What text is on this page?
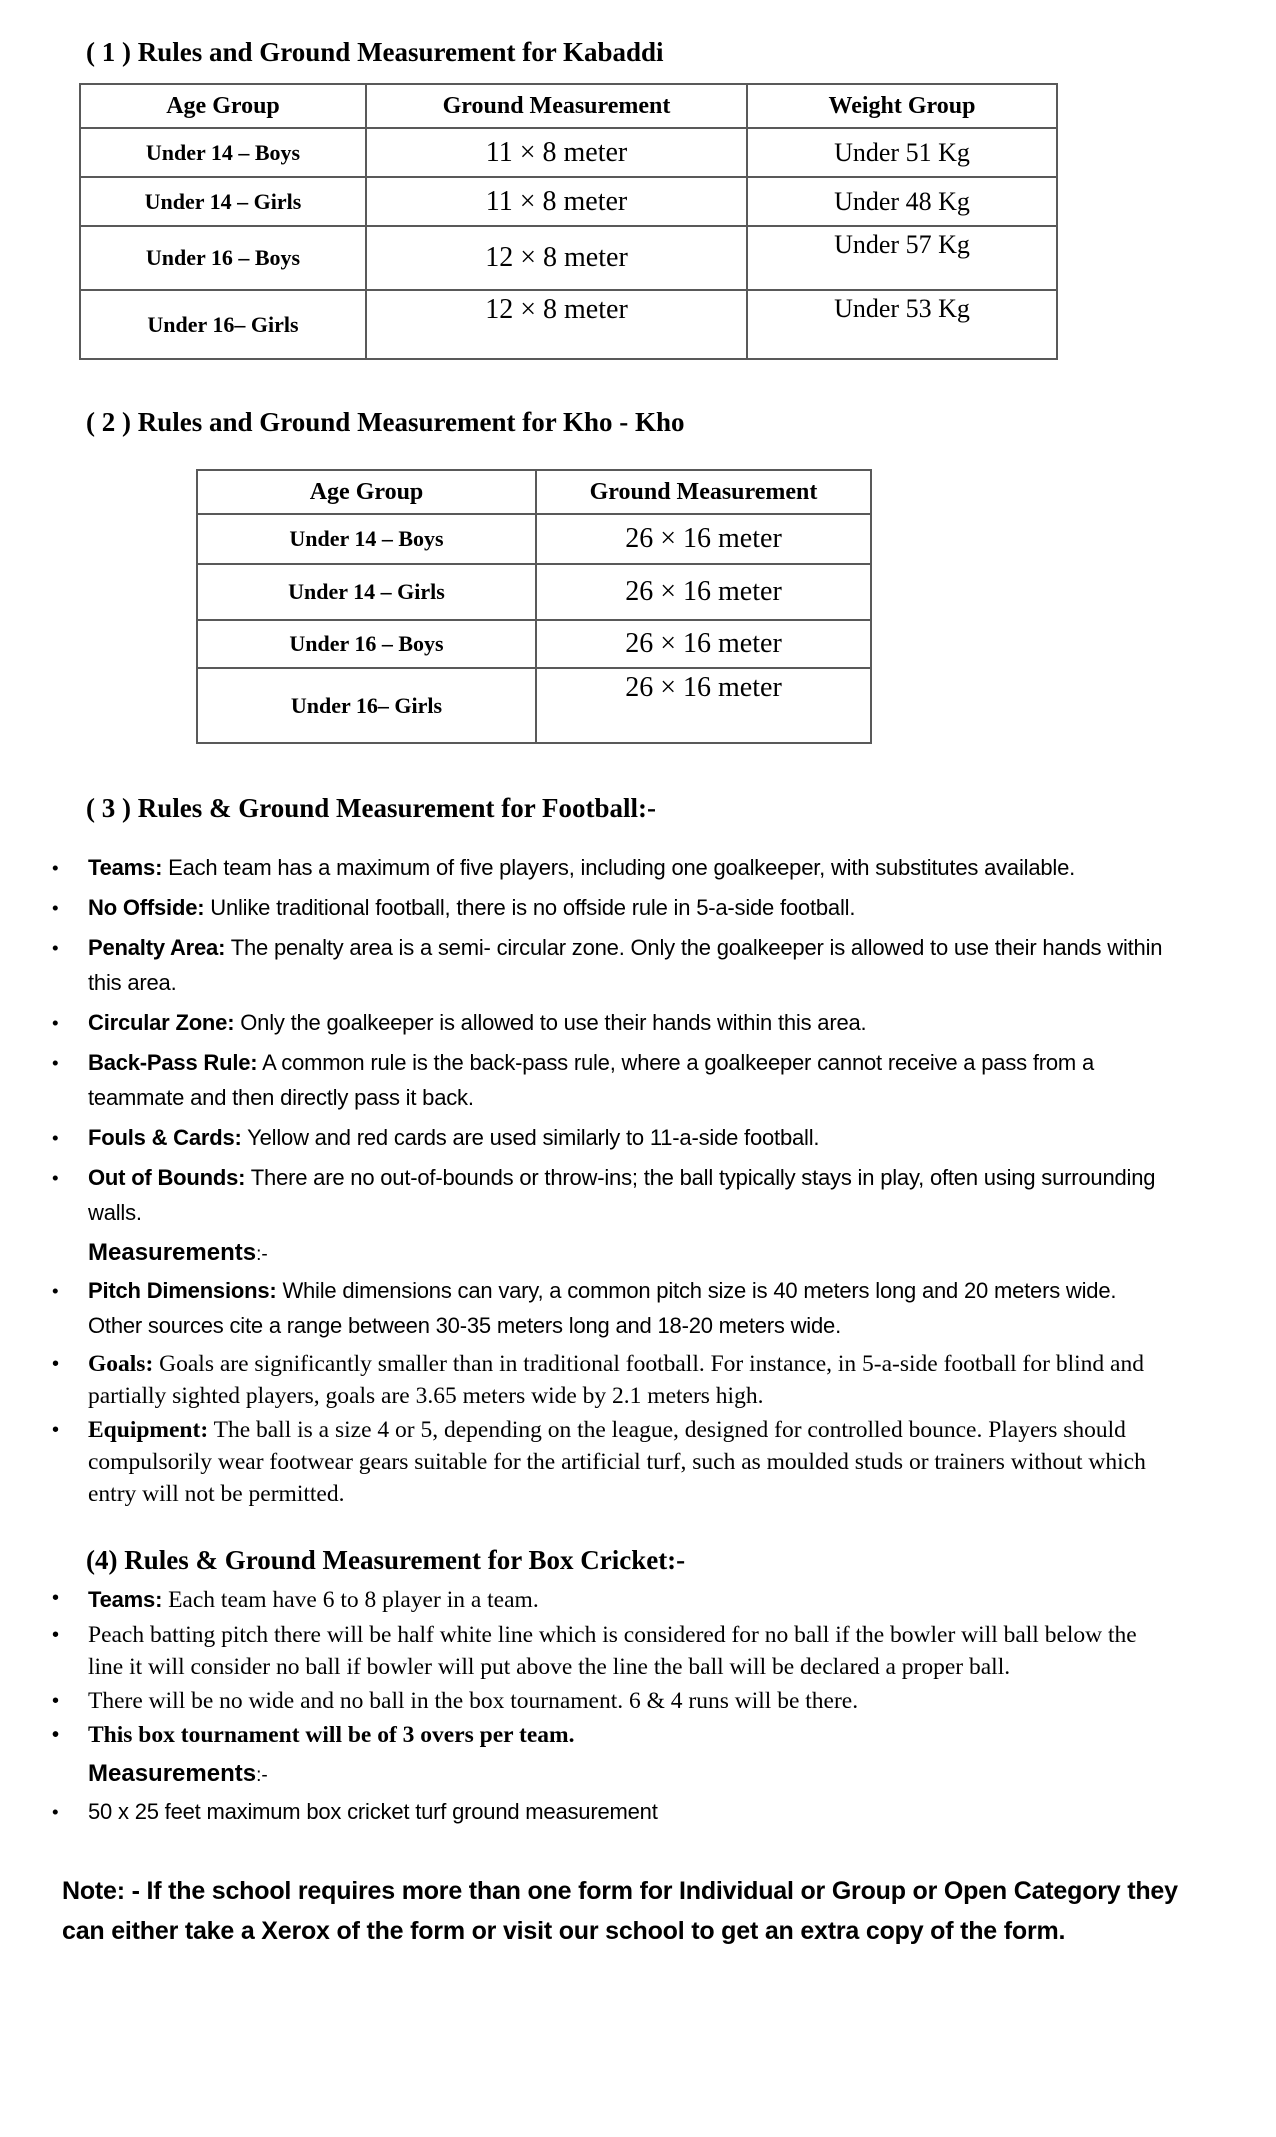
( 1 ) Rules and Ground Measurement for Kabaddi
Age Group	Ground Measurement	Weight Group
Under 14 – Boys	11 × 8 meter	Under 51 Kg
Under 14 – Girls	11 × 8 meter	Under 48 Kg
Under 16 – Boys	12 × 8 meter	Under 57 Kg
Under 16– Girls	12 × 8 meter	Under 53 Kg
( 2 ) Rules and Ground Measurement for Kho - Kho
Age Group	Ground Measurement
Under 14 – Boys	26 × 16 meter
Under 14 – Girls	26 × 16 meter
Under 16 – Boys	26 × 16 meter
Under 16– Girls	26 × 16 meter
( 3 ) Rules & Ground Measurement for Football:-
• Teams: Each team has a maximum of five players, including one goalkeeper, with substitutes available.
• No Offside: Unlike traditional football, there is no offside rule in 5-a-side football.
• Penalty Area: The penalty area is a semi- circular zone. Only the goalkeeper is allowed to use their hands within this area.
• Circular Zone: Only the goalkeeper is allowed to use their hands within this area.
• Back-Pass Rule: A common rule is the back-pass rule, where a goalkeeper cannot receive a pass from a teammate and then directly pass it back.
• Fouls & Cards: Yellow and red cards are used similarly to 11-a-side football.
• Out of Bounds: There are no out-of-bounds or throw-ins; the ball typically stays in play, often using surrounding walls.
Measurements:-
• Pitch Dimensions: While dimensions can vary, a common pitch size is 40 meters long and 20 meters wide. Other sources cite a range between 30-35 meters long and 18-20 meters wide.
• Goals: Goals are significantly smaller than in traditional football. For instance, in 5-a-side football for blind and partially sighted players, goals are 3.65 meters wide by 2.1 meters high.
• Equipment: The ball is a size 4 or 5, depending on the league, designed for controlled bounce. Players should compulsorily wear footwear gears suitable for the artificial turf, such as moulded studs or trainers without which entry will not be permitted.
(4) Rules & Ground Measurement for Box Cricket:-
• Teams: Each team have 6 to 8 player in a team.
• Peach batting pitch there will be half white line which is considered for no ball if the bowler will ball below the line it will consider no ball if bowler will put above the line the ball will be declared a proper ball.
• There will be no wide and no ball in the box tournament. 6 & 4 runs will be there.
• This box tournament will be of 3 overs per team.
Measurements:-
• 50 x 25 feet maximum box cricket turf ground measurement
Note: - If the school requires more than one form for Individual or Group or Open Category they can either take a Xerox of the form or visit our school to get an extra copy of the form.
